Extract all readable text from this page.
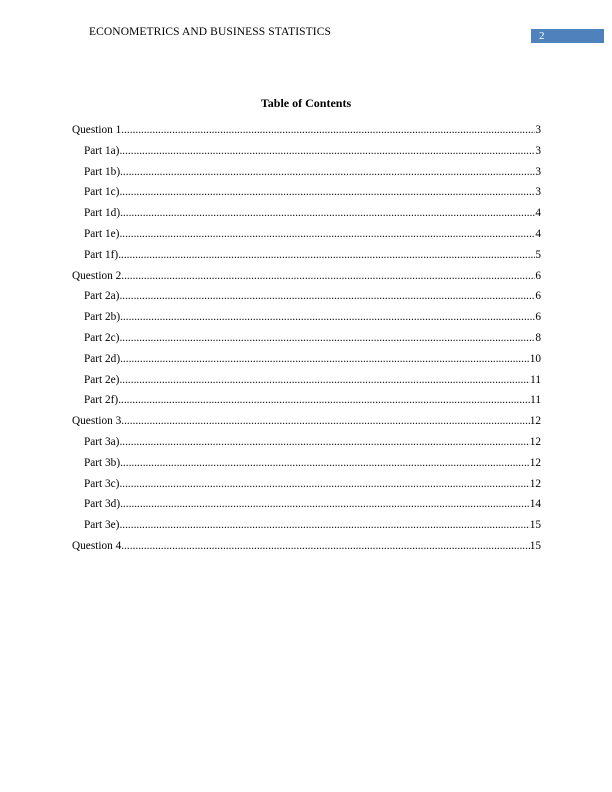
ECONOMETRICS AND BUSINESS STATISTICS	2
Table of Contents
Question 1 .....	3
Part 1a) .....	3
Part 1b) .....	3
Part 1c) .....	3
Part 1d) .....	4
Part 1e) .....	4
Part 1f) .....	5
Question 2 .....	6
Part 2a) .....	6
Part 2b) .....	6
Part 2c) .....	8
Part 2d) .....	10
Part 2e) .....	11
Part 2f) .....	11
Question 3 .....	12
Part 3a) .....	12
Part 3b) .....	12
Part 3c) .....	12
Part 3d) .....	14
Part 3e) .....	15
Question 4 .....	15
